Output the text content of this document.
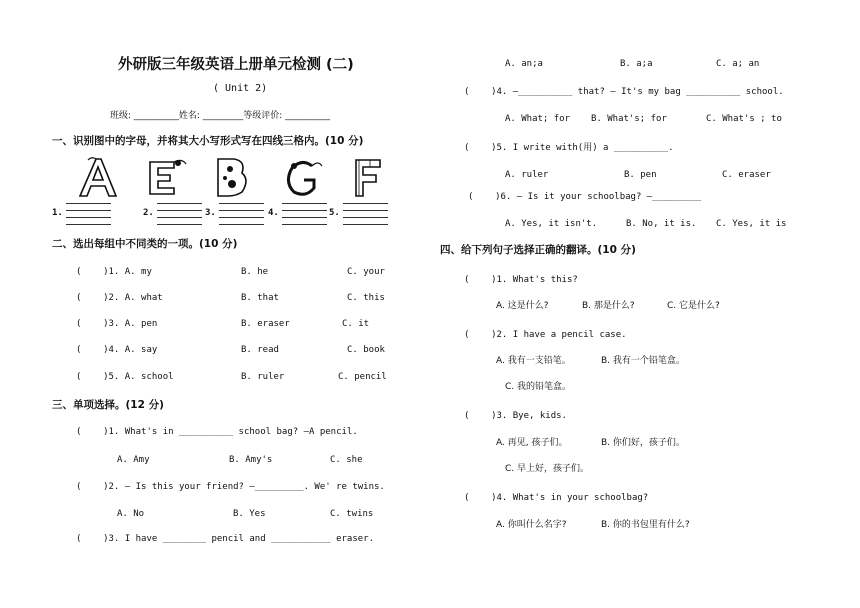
外研版三年级英语上册单元检测 (二)
( Unit 2)
班级: __________姓名: _________等级评价: __________
一、识别图中的字母，并将其大小写形式写在四线三格内。(10 分)
1.	2.	3.	4.	5.
二、选出每组中不同类的一项。(10 分)
(    )1. A. my	B. he	C. your
(    )2. A. what	B. that	C. this
(    )3. A. pen	B. eraser	C. it
(    )4. A. say	B. read	C. book
(    )5. A. school	B. ruler	C. pencil
三、单项选择。(12 分)
(    )1. What's in __________ school bag? —A pencil.
A. Amy	B. Amy's	C. she
(    )2. — Is this your friend? —_________. We' re twins.
A. No	B. Yes	C. twins
(    )3. I have ________ pencil and ___________ eraser.
A. an;a	B. a;a	C. a; an
(    )4. —__________ that? — It's my bag __________ school.
A. What; for B. What's; for	C. What's ; to
(    )5. I write with(用) a __________.
A. ruler	B. pen	C. eraser
(    )6. — Is it your schoolbag? —_________
A. Yes, it isn't.	B. No, it is. C. Yes, it is
四、给下列句子选择正确的翻译。(10 分)
(    )1. What's this?
A. 这是什么?	B. 那是什么?	C. 它是什么?
(    )2. I have a pencil case.
A. 我有一支铅笔。	B. 我有一个铅笔盒。
C. 我的铅笔盒。
(    )3. Bye, kids.
A. 再见, 孩子们。	B. 你们好，孩子们。
C. 早上好，孩子们。
(    )4. What's in your schoolbag?
A. 你叫什么名字?	B. 你的书包里有什么?
